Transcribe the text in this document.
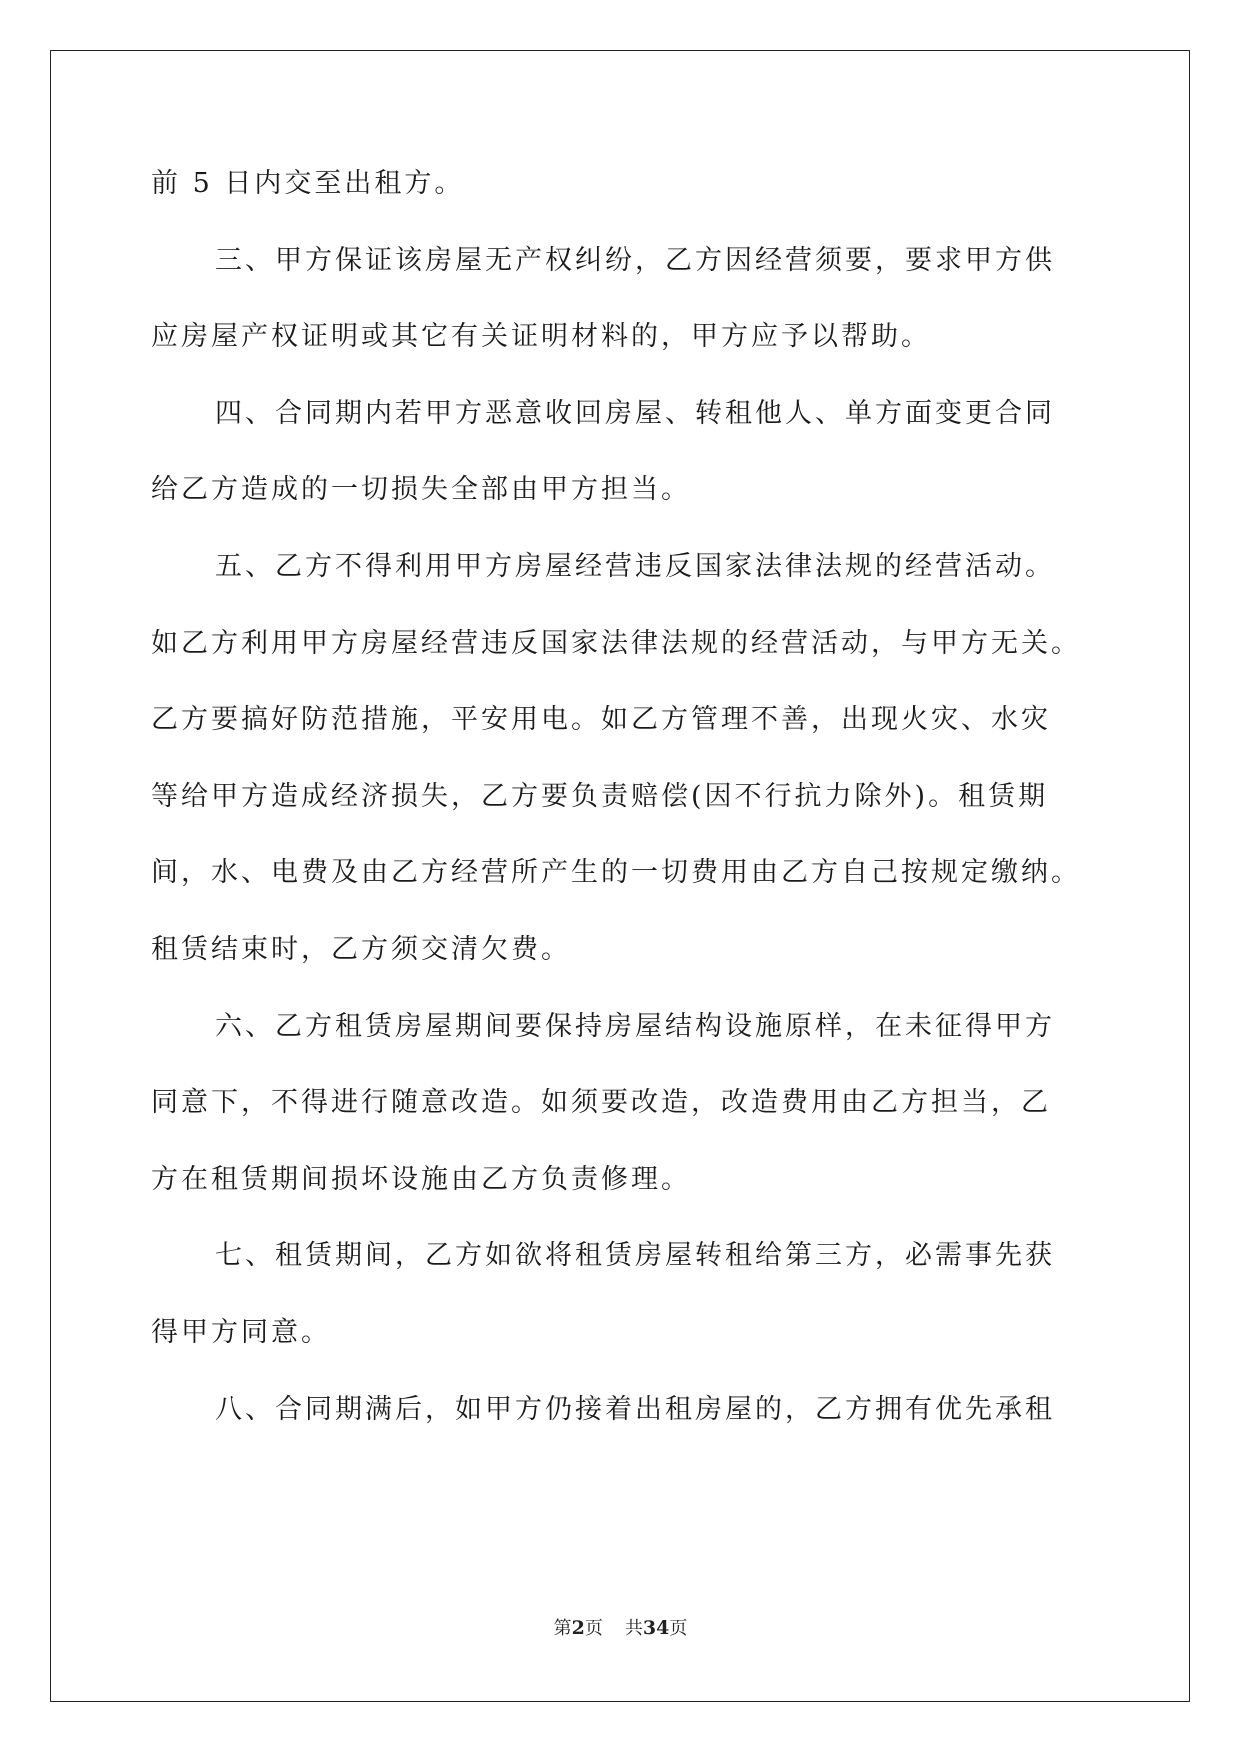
前 5 日内交至出租方。
三、甲方保证该房屋无产权纠纷，乙方因经营须要，要求甲方供
应房屋产权证明或其它有关证明材料的，甲方应予以帮助。
四、合同期内若甲方恶意收回房屋、转租他人、单方面变更合同
给乙方造成的一切损失全部由甲方担当。
五、乙方不得利用甲方房屋经营违反国家法律法规的经营活动。
如乙方利用甲方房屋经营违反国家法律法规的经营活动，与甲方无关。
乙方要搞好防范措施，平安用电。如乙方管理不善，出现火灾、水灾
等给甲方造成经济损失，乙方要负责赔偿(因不行抗力除外)。租赁期
间，水、电费及由乙方经营所产生的一切费用由乙方自己按规定缴纳。
租赁结束时，乙方须交清欠费。
六、乙方租赁房屋期间要保持房屋结构设施原样，在未征得甲方
同意下，不得进行随意改造。如须要改造，改造费用由乙方担当，乙
方在租赁期间损坏设施由乙方负责修理。
七、租赁期间，乙方如欲将租赁房屋转租给第三方，必需事先获
得甲方同意。
八、合同期满后，如甲方仍接着出租房屋的，乙方拥有优先承租
第2页 共34页
